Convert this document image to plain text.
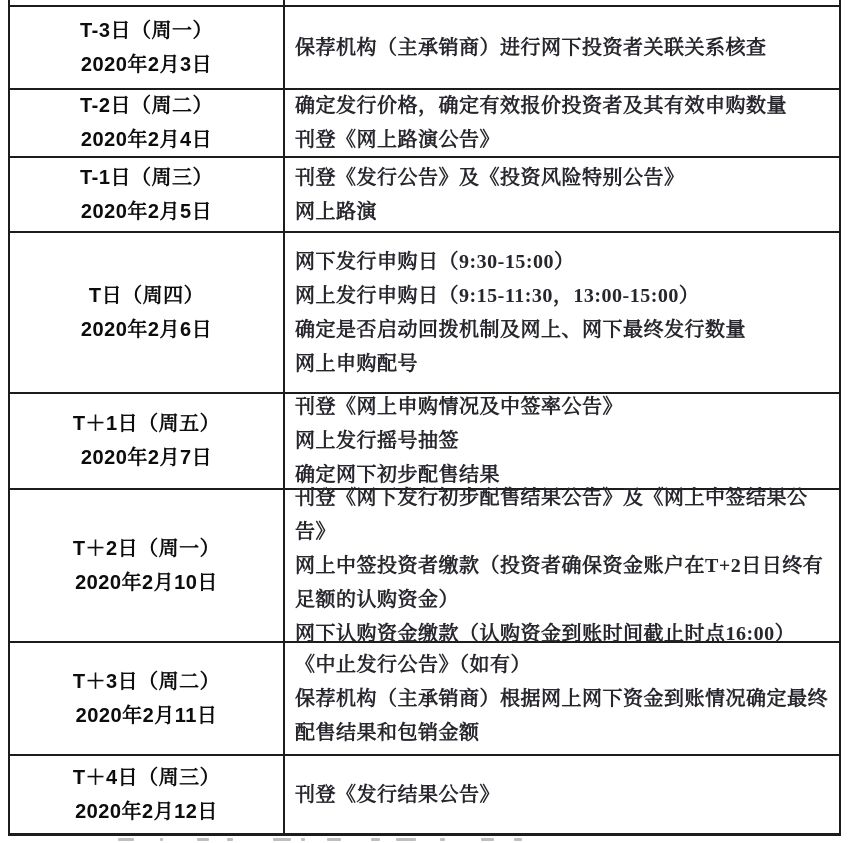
T-3日（周一）
2020年2月3日
保荐机构（主承销商）进行网下投资者关联关系核查
T-2日（周二）
2020年2月4日
确定发行价格，确定有效报价投资者及其有效申购数量
刊登《网上路演公告》
T-1日（周三）
2020年2月5日
刊登《发行公告》及《投资风险特别公告》
网上路演
T日（周四）
2020年2月6日
网下发行申购日（9:30-15:00）
网上发行申购日（9:15-11:30，13:00-15:00）
确定是否启动回拨机制及网上、网下最终发行数量
网上申购配号
T＋1日（周五）
2020年2月7日
刊登《网上申购情况及中签率公告》
网上发行摇号抽签
确定网下初步配售结果
T＋2日（周一）
2020年2月10日
刊登《网下发行初步配售结果公告》及《网上中签结果公告》
网上中签投资者缴款（投资者确保资金账户在T+2日日终有足额的认购资金）
网下认购资金缴款（认购资金到账时间截止时点16:00）
T＋3日（周二）
2020年2月11日
《中止发行公告》（如有）
保荐机构（主承销商）根据网上网下资金到账情况确定最终配售结果和包销金额
T＋4日（周三）
2020年2月12日
刊登《发行结果公告》
